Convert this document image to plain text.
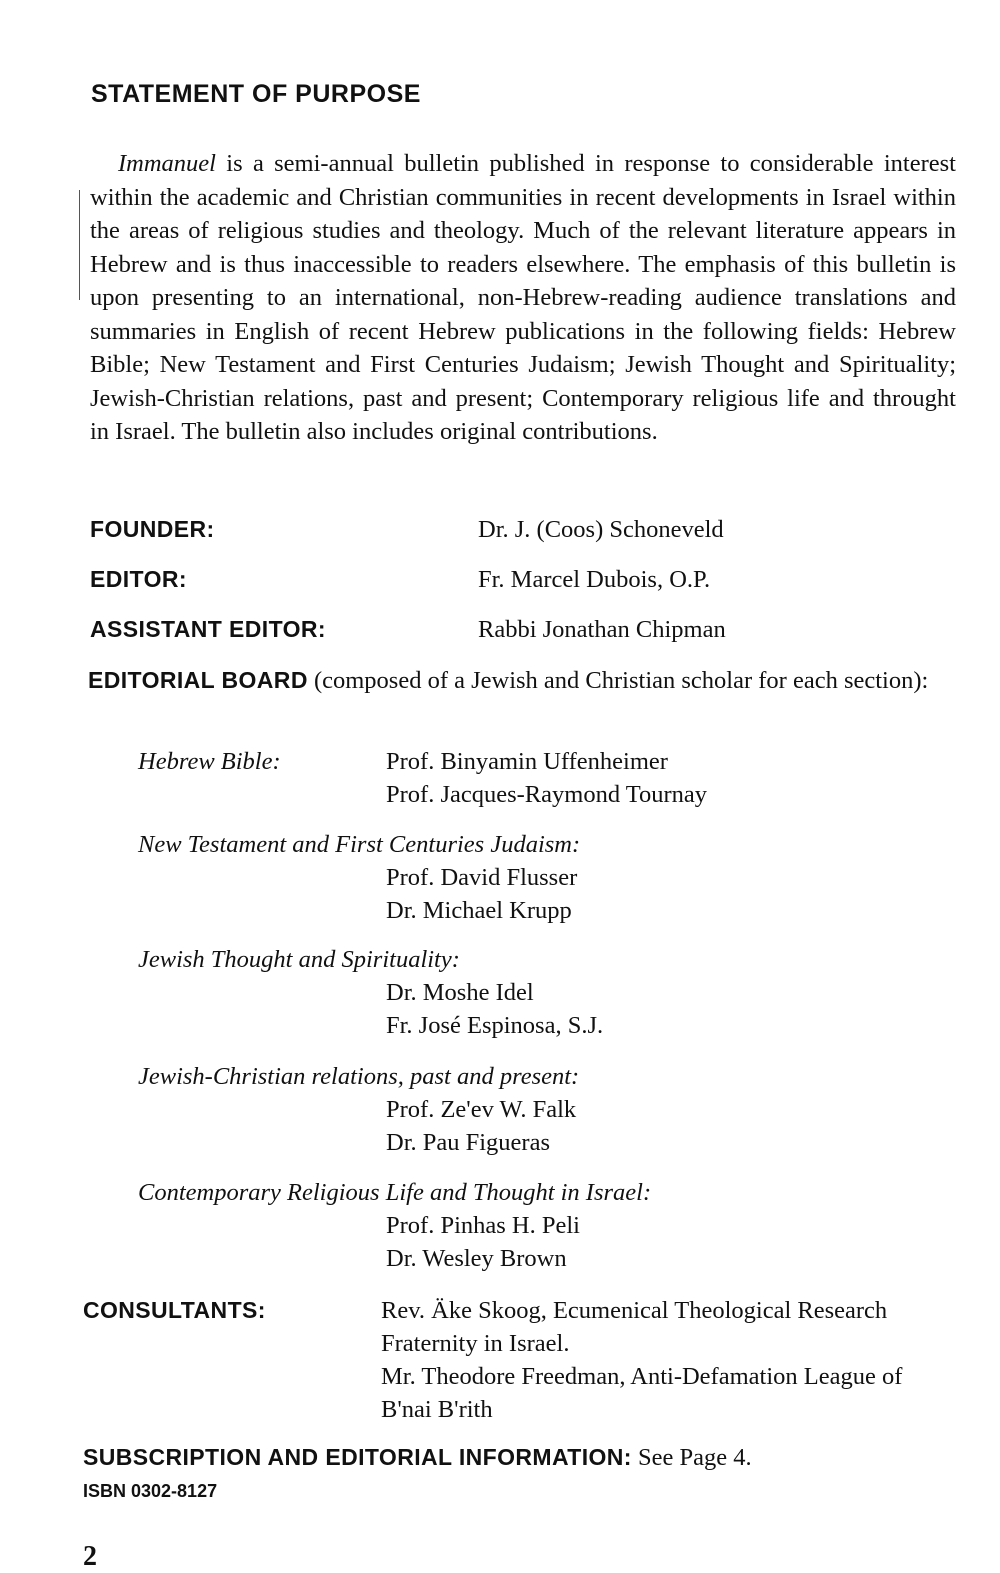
STATEMENT OF PURPOSE

Immanuel is a semi-annual bulletin published in response to considerable interest within the academic and Christian communities in recent developments in Israel within the areas of religious studies and theology. Much of the relevant literature appears in Hebrew and is thus inaccessible to readers elsewhere. The emphasis of this bulletin is upon presenting to an international, non-Hebrew-reading audience translations and summaries in English of recent Hebrew publications in the following fields: Hebrew Bible; New Testament and First Centuries Judaism; Jewish Thought and Spirituality; Jewish-Christian relations, past and present; Contemporary religious life and throught in Israel. The bulletin also includes original contributions.

FOUNDER:	Dr. J. (Coos) Schoneveld
EDITOR:	Fr. Marcel Dubois, O.P.
ASSISTANT EDITOR:	Rabbi Jonathan Chipman
EDITORIAL BOARD (composed of a Jewish and Christian scholar for each section):
Hebrew Bible:	Prof. Binyamin Uffenheimer
Prof. Jacques-Raymond Tournay
New Testament and First Centuries Judaism:
Prof. David Flusser
Dr. Michael Krupp
Jewish Thought and Spirituality:
Dr. Moshe Idel
Fr. José Espinosa, S.J.
Jewish-Christian relations, past and present:
Prof. Ze'ev W. Falk
Dr. Pau Figueras
Contemporary Religious Life and Thought in Israel:
Prof. Pinhas H. Peli
Dr. Wesley Brown
CONSULTANTS:	Rev. Äke Skoog, Ecumenical Theological Research Fraternity in Israel.

Mr. Theodore Freedman, Anti-Defamation League of B'nai B'rith

SUBSCRIPTION AND EDITORIAL INFORMATION: See Page 4.
ISBN 0302-8127
2
